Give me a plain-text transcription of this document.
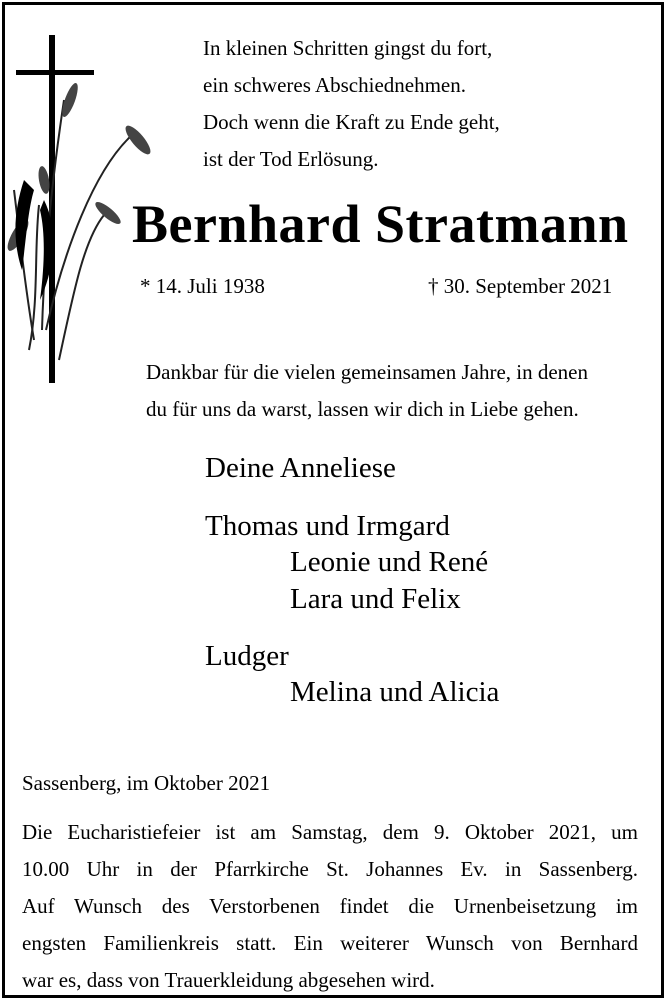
In kleinen Schritten gingst du fort,
ein schweres Abschiednehmen.
Doch wenn die Kraft zu Ende geht,
ist der Tod Erlösung.
Bernhard Stratmann
* 14. Juli 1938	† 30. September 2021
Dankbar für die vielen gemeinsamen Jahre, in denen
du für uns da warst, lassen wir dich in Liebe gehen.
Deine Anneliese
Thomas und Irmgard
Leonie und René
Lara und Felix
Ludger
Melina und Alicia
Sassenberg, im Oktober 2021
Die Eucharistiefeier ist am Samstag, dem 9. Oktober 2021, um
10.00 Uhr in der Pfarrkirche St. Johannes Ev. in Sassenberg.
Auf Wunsch des Verstorbenen findet die Urnenbeisetzung im
engsten Familienkreis statt. Ein weiterer Wunsch von Bernhard
war es, dass von Trauerkleidung abgesehen wird.
